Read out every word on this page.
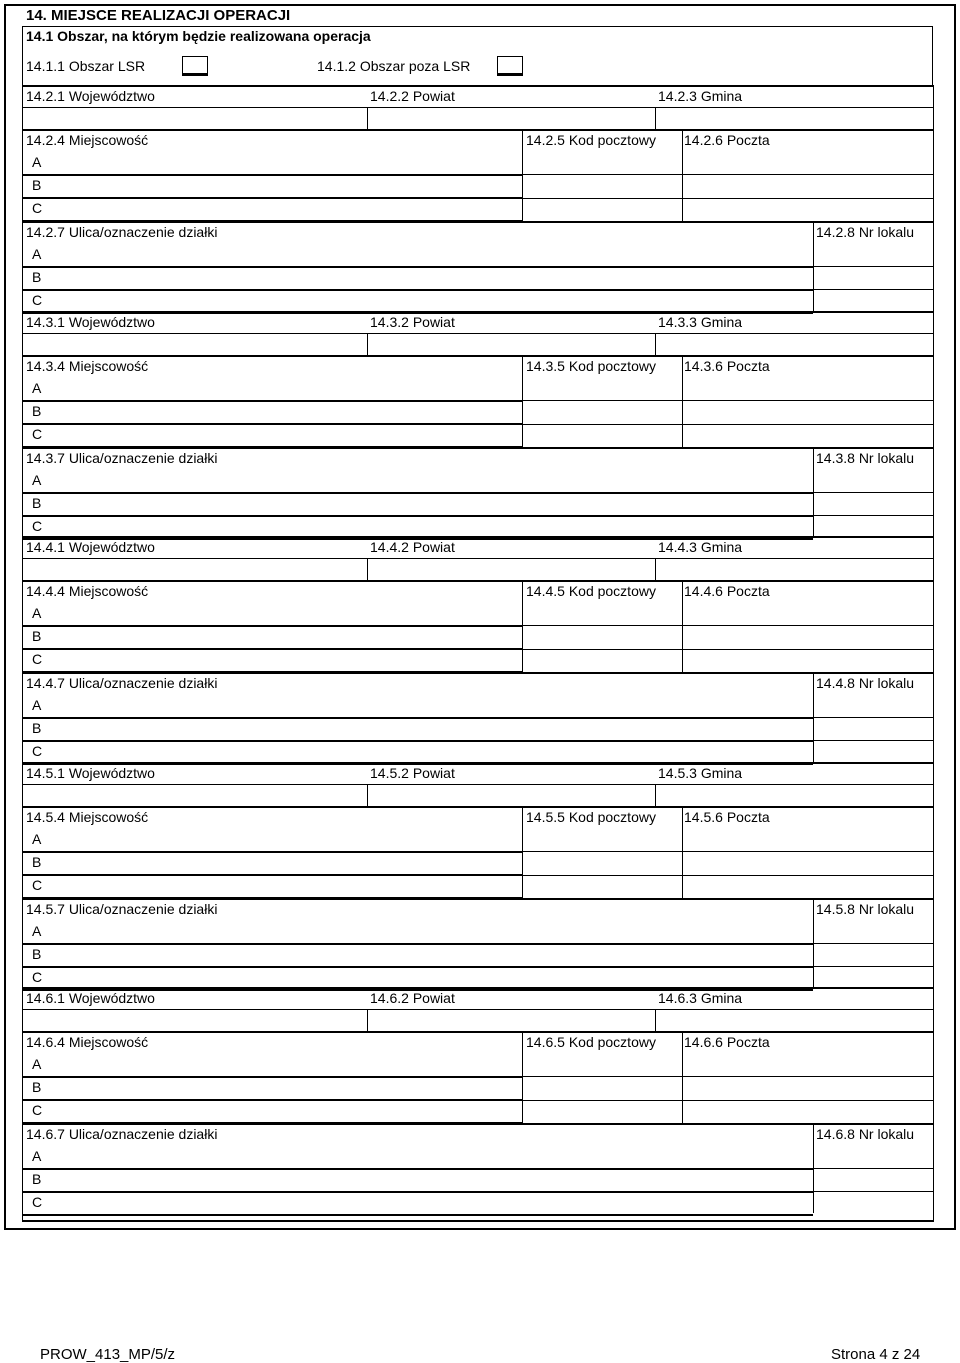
14. MIEJSCE REALIZACJI OPERACJI
14.1 Obszar, na którym będzie realizowana operacja
14.1.1 Obszar LSR	14.1.2 Obszar poza LSR
14.2.1 Województwo	14.2.2 Powiat	14.2.3 Gmina
14.2.4 Miejscowość	14.2.5 Kod pocztowy 14.2.6 Poczta
A
B
C
14.2.7 Ulica/oznaczenie działki	14.2.8 Nr lokalu
A
B
C
14.3.1 Województwo	14.3.2 Powiat	14.3.3 Gmina
14.3.4 Miejscowość	14.3.5 Kod pocztowy 14.3.6 Poczta
A
B
C
14.3.7 Ulica/oznaczenie działki	14.3.8 Nr lokalu
A
B
C
14.4.1 Województwo	14.4.2 Powiat	14.4.3 Gmina
14.4.4 Miejscowość	14.4.5 Kod pocztowy 14.4.6 Poczta
A
B
C
14.4.7 Ulica/oznaczenie działki	14.4.8 Nr lokalu
A
B
C
14.5.1 Województwo	14.5.2 Powiat	14.5.3 Gmina
14.5.4 Miejscowość	14.5.5 Kod pocztowy 14.5.6 Poczta
A
B
C
14.5.7 Ulica/oznaczenie działki	14.5.8 Nr lokalu
A
B
C
14.6.1 Województwo	14.6.2 Powiat	14.6.3 Gmina
14.6.4 Miejscowość	14.6.5 Kod pocztowy 14.6.6 Poczta
A
B
C
14.6.7 Ulica/oznaczenie działki	14.6.8 Nr lokalu
A
B
C
PROW_413_MP/5/z	Strona 4 z 24
